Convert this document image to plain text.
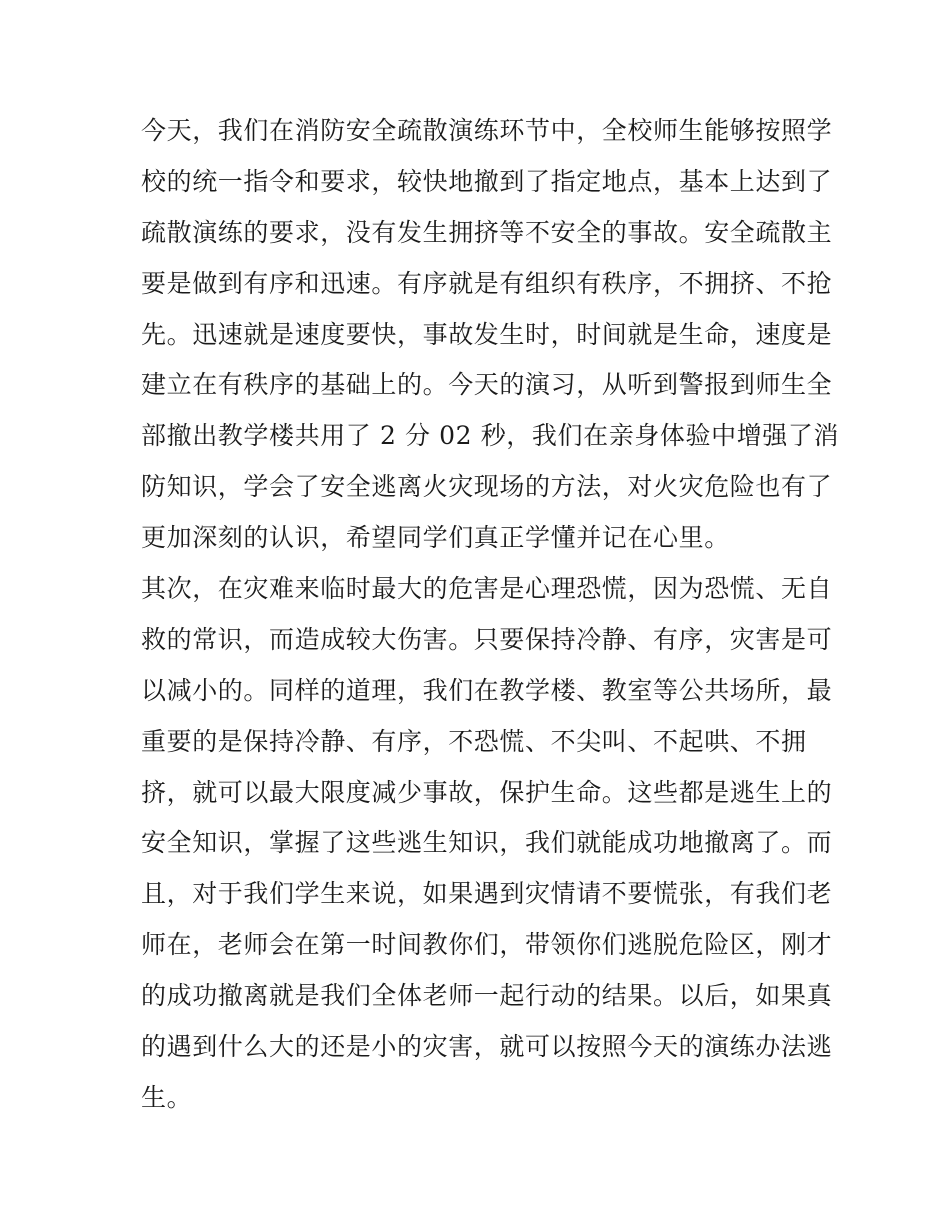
今天，我们在消防安全疏散演练环节中，全校师生能够按照学
校的统一指令和要求，较快地撤到了指定地点，基本上达到了
疏散演练的要求，没有发生拥挤等不安全的事故。安全疏散主
要是做到有序和迅速。有序就是有组织有秩序，不拥挤、不抢
先。迅速就是速度要快，事故发生时，时间就是生命，速度是
建立在有秩序的基础上的。今天的演习，从听到警报到师生全
部撤出教学楼共用了 2 分 02 秒，我们在亲身体验中增强了消
防知识，学会了安全逃离火灾现场的方法，对火灾危险也有了
更加深刻的认识，希望同学们真正学懂并记在心里。
其次，在灾难来临时最大的危害是心理恐慌，因为恐慌、无自
救的常识，而造成较大伤害。只要保持冷静、有序，灾害是可
以减小的。同样的道理，我们在教学楼、教室等公共场所，最
重要的是保持冷静、有序，不恐慌、不尖叫、不起哄、不拥
挤，就可以最大限度减少事故，保护生命。这些都是逃生上的
安全知识，掌握了这些逃生知识，我们就能成功地撤离了。而
且，对于我们学生来说，如果遇到灾情请不要慌张，有我们老
师在，老师会在第一时间教你们，带领你们逃脱危险区，刚才
的成功撤离就是我们全体老师一起行动的结果。以后，如果真
的遇到什么大的还是小的灾害，就可以按照今天的演练办法逃
生。
